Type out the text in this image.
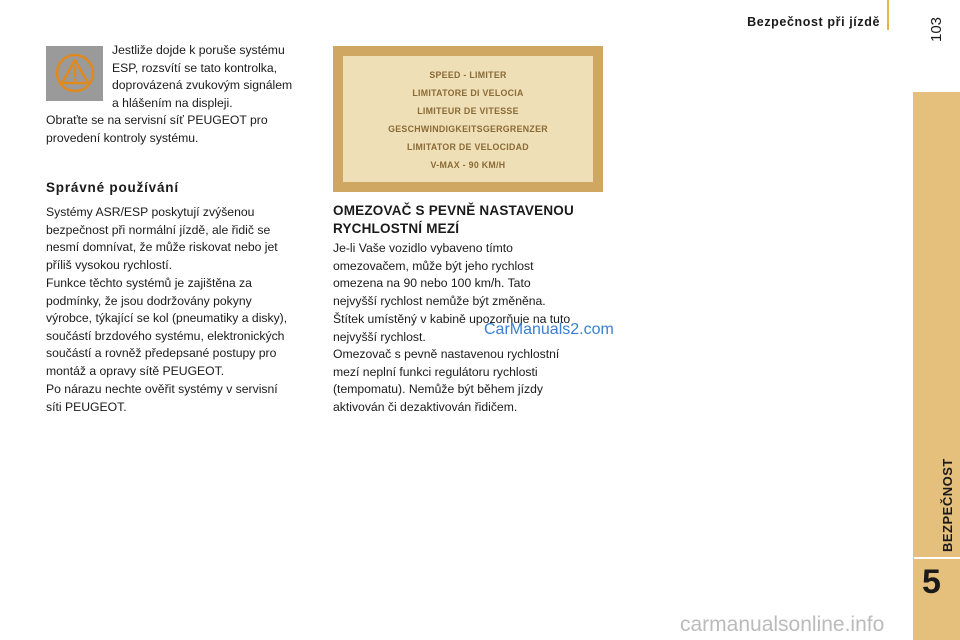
Bezpečnost při jízdě	103
BEZPEČNOST
5
Jestliže dojde k poruše systému
ESP, rozsvítí se tato kontrolka,
doprovázená zvukovým signálem
a hlášením na displeji.
Obraťte se na servisní síť PEUGEOT pro
provedení kontroly systému.
Správné používání
Systémy ASR/ESP poskytují zvýšenou
bezpečnost při normální jízdě, ale řidič se
nesmí domnívat, že může riskovat nebo jet
příliš vysokou rychlostí.
Funkce těchto systémů je zajištěna za
podmínky, že jsou dodržovány pokyny
výrobce, týkající se kol (pneumatiky a disky),
součástí brzdového systému, elektronických
součástí a rovněž předepsané postupy pro
montáž a opravy sítě PEUGEOT.
Po nárazu nechte ověřit systémy v servisní
síti PEUGEOT.
SPEED - LIMITER
LIMITATORE DI VELOCIA
LIMITEUR DE VITESSE
GESCHWINDIGKEITSGERGRENZER
LIMITATOR DE VELOCIDAD
V-MAX - 90 KM/H
OMEZOVAČ S PEVNĚ NASTAVENOU
RYCHLOSTNÍ MEZÍ
Je-li Vaše vozidlo vybaveno tímto
omezovačem, může být jeho rychlost
omezena na 90 nebo 100 km/h. Tato
nejvyšší rychlost nemůže být změněna.
Štítek umístěný v kabině upozorňuje na tuto
nejvyšší rychlost.
Omezovač s pevně nastavenou rychlostní
mezí neplní funkci regulátoru rychlosti
(tempomatu). Nemůže být během jízdy
aktivován či dezaktivován řidičem.
CarManuals2.com
carmanualsonline.info
